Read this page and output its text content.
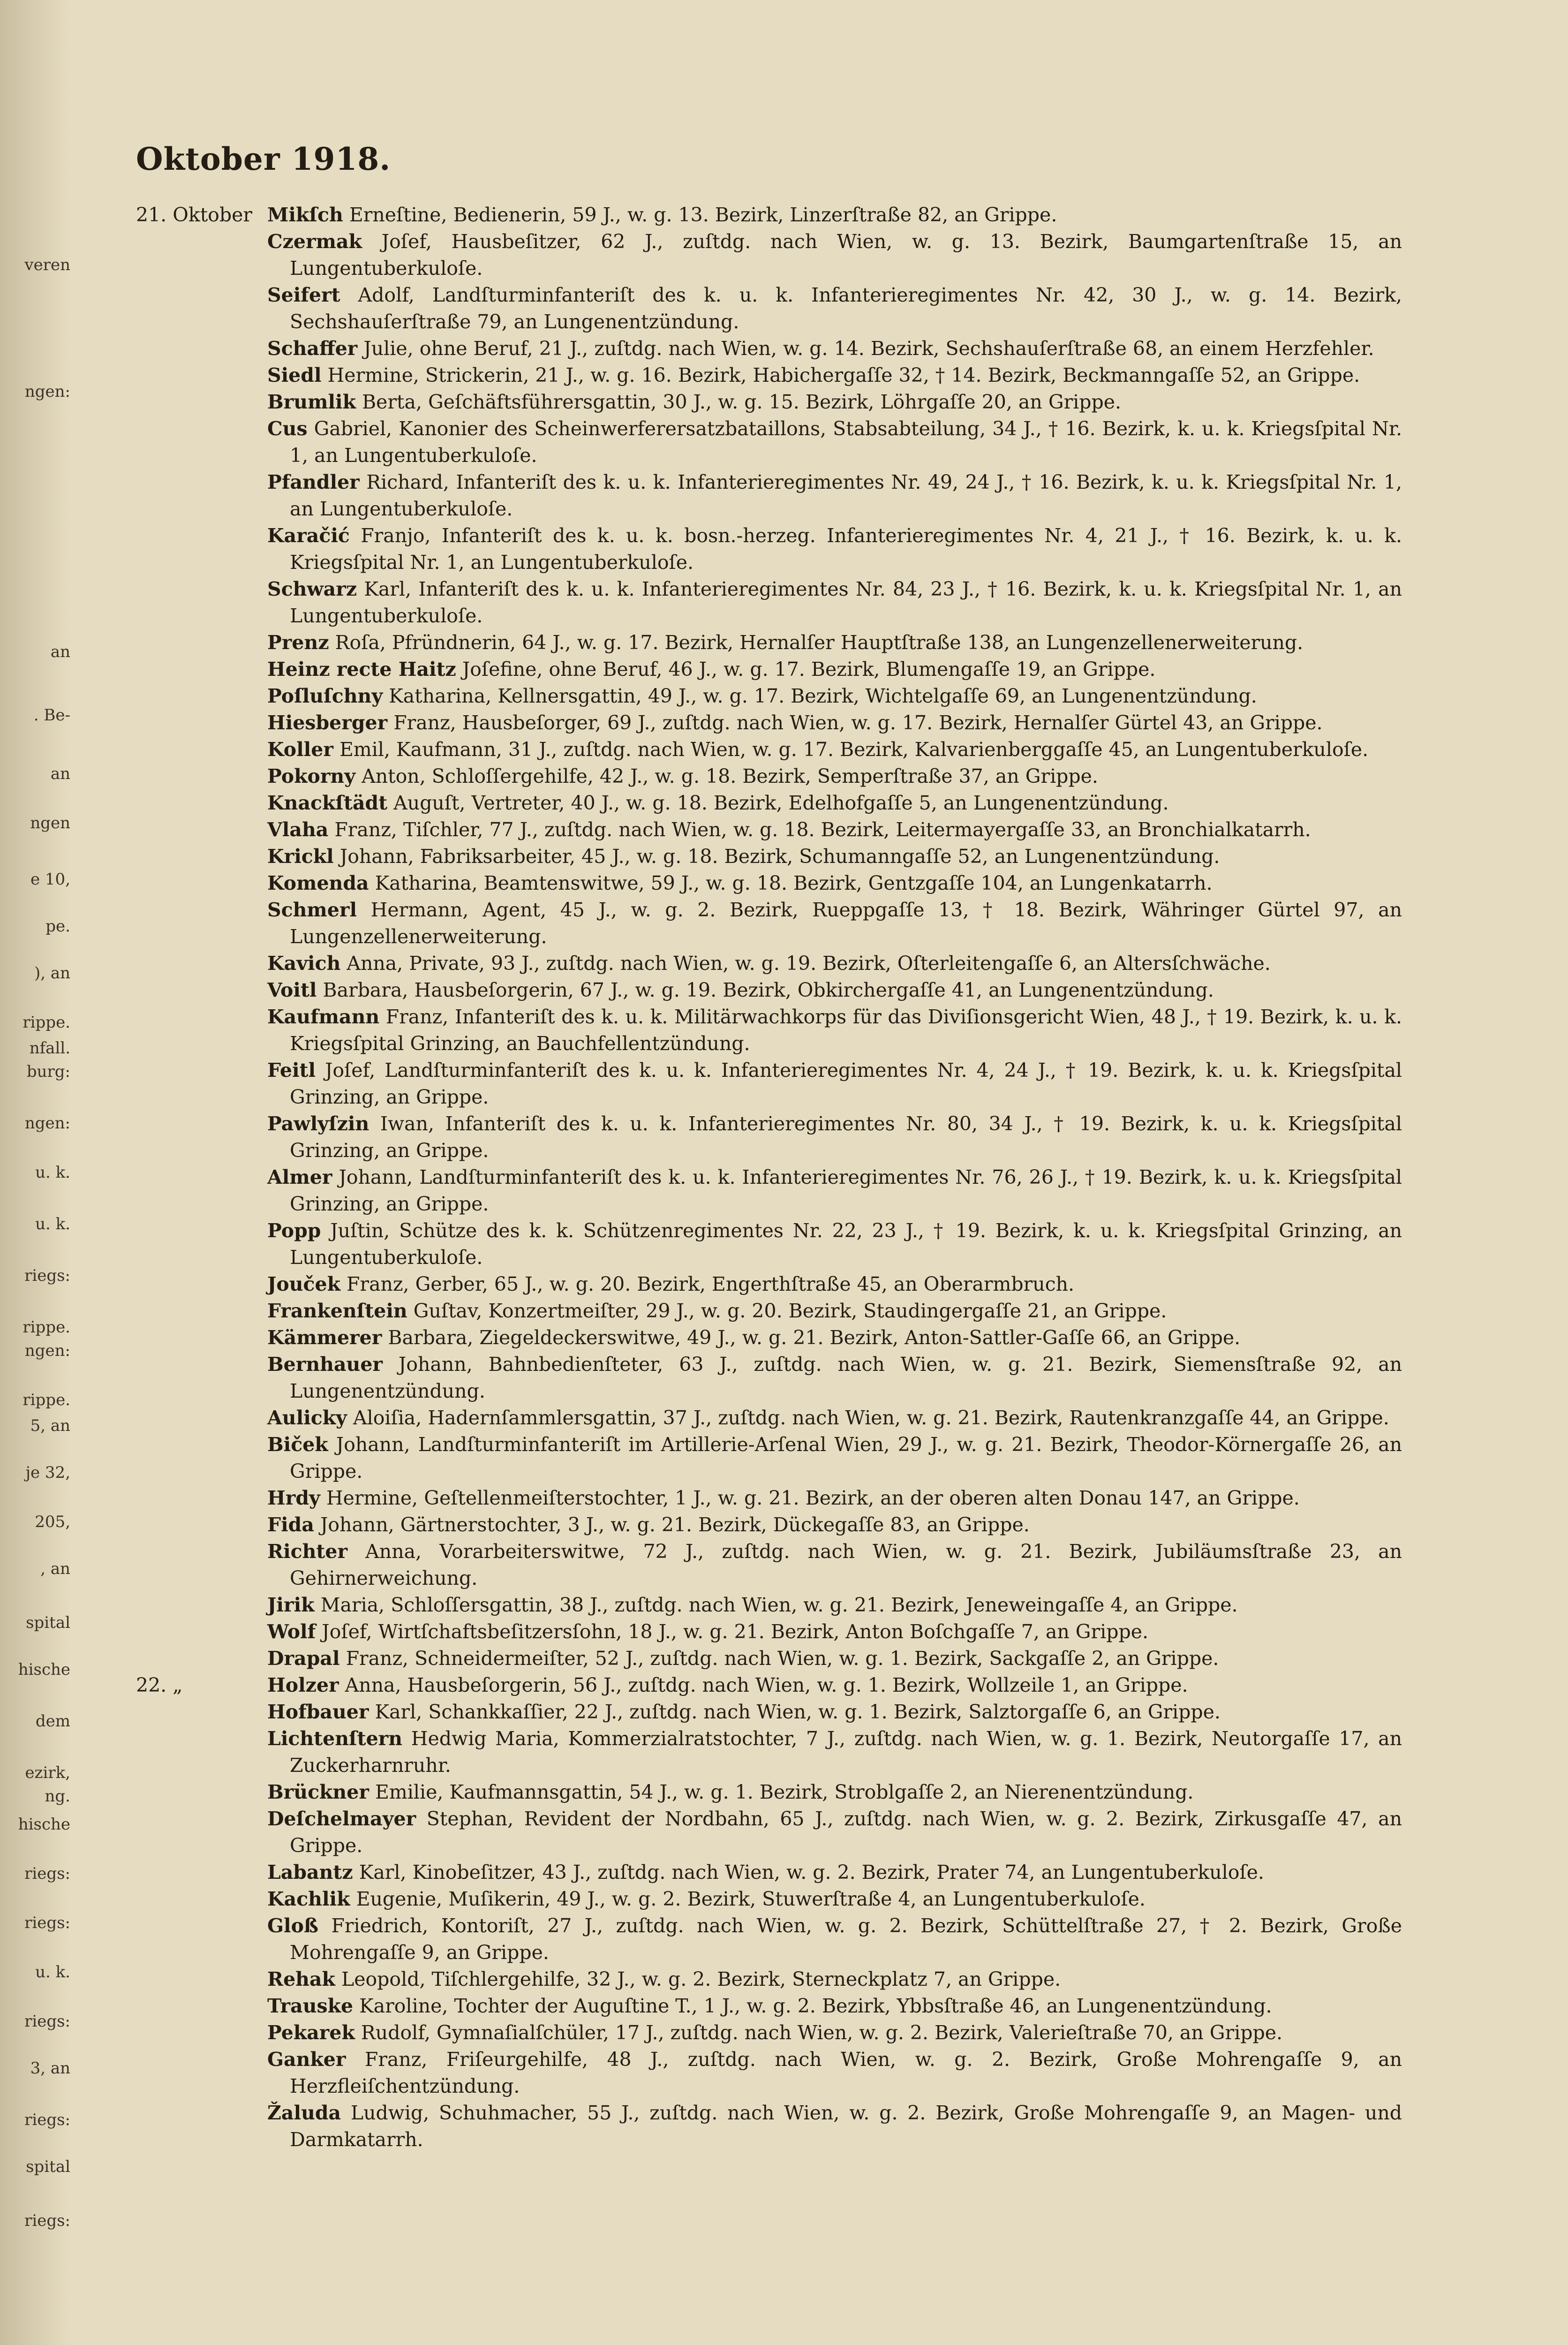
veren
ngen:
an
. Be-
an
ngen
e 10,
pe.
), an
rippe.
nfall.
burg:
ngen:
u. k.
u. k.
riegs:
rippe.
ngen:
rippe.
5, an
je 32,
205,
, an
spital
hische
dem
ezirk,
ng.
hische
riegs:
riegs:
u. k.
riegs:
3, an
riegs:
spital
riegs:
Oktober 1918.

21. Oktober Mikſch Erneſtine, Bedienerin, 59 J., w. g. 13. Bezirk, Linzerſtraße 82, an Grippe.

Czermak Joſef, Hausbeſitzer, 62 J., zuſtdg. nach Wien, w. g. 13. Bezirk, Baumgartenſtraße 15, an Lungentuberkuloſe.

Seifert Adolf, Landſturminfanteriſt des k. u. k. Infanterieregimentes Nr. 42, 30 J., w. g. 14. Bezirk, Sechshauſerſtraße 79, an Lungenentzündung.

Schaffer Julie, ohne Beruf, 21 J., zuſtdg. nach Wien, w. g. 14. Bezirk, Sechshauſerſtraße 68, an einem Herzfehler.

Siedl Hermine, Strickerin, 21 J., w. g. 16. Bezirk, Habichergaſſe 32, † 14. Bezirk, Beckmanngaſſe 52, an Grippe.

Brumlik Berta, Geſchäftsführersgattin, 30 J., w. g. 15. Bezirk, Löhrgaſſe 20, an Grippe.

Cus Gabriel, Kanonier des Scheinwerferersatzbataillons, Stabsabteilung, 34 J., † 16. Bezirk, k. u. k. Kriegsſpital Nr. 1, an Lungentuberkuloſe.

Pfandler Richard, Infanteriſt des k. u. k. Infanterieregimentes Nr. 49, 24 J., † 16. Bezirk, k. u. k. Kriegsſpital Nr. 1, an Lungentuberkuloſe.

Karačić Franjo, Infanteriſt des k. u. k. bosn.-herzeg. Infanterieregimentes Nr. 4, 21 J., † 16. Bezirk, k. u. k. Kriegsſpital Nr. 1, an Lungentuberkuloſe.

Schwarz Karl, Infanteriſt des k. u. k. Infanterieregimentes Nr. 84, 23 J., † 16. Bezirk, k. u. k. Kriegsſpital Nr. 1, an Lungentuberkuloſe.

Prenz Roſa, Pfründnerin, 64 J., w. g. 17. Bezirk, Hernalſer Hauptſtraße 138, an Lungenzellenerweiterung.

Heinz recte Haitz Joſefine, ohne Beruf, 46 J., w. g. 17. Bezirk, Blumengaſſe 19, an Grippe.

Poſluſchny Katharina, Kellnersgattin, 49 J., w. g. 17. Bezirk, Wichtelgaſſe 69, an Lungenentzündung.

Hiesberger Franz, Hausbeſorger, 69 J., zuſtdg. nach Wien, w. g. 17. Bezirk, Hernalſer Gürtel 43, an Grippe.

Koller Emil, Kaufmann, 31 J., zuſtdg. nach Wien, w. g. 17. Bezirk, Kalvarienberggaſſe 45, an Lungentuberkuloſe.

Pokorny Anton, Schloſſergehilfe, 42 J., w. g. 18. Bezirk, Semperſtraße 37, an Grippe.

Knackſtädt Auguſt, Vertreter, 40 J., w. g. 18. Bezirk, Edelhofgaſſe 5, an Lungenentzündung.

Vlaha Franz, Tiſchler, 77 J., zuſtdg. nach Wien, w. g. 18. Bezirk, Leitermayergaſſe 33, an Bronchialkatarrh.

Krickl Johann, Fabriksarbeiter, 45 J., w. g. 18. Bezirk, Schumanngaſſe 52, an Lungenentzündung.

Komenda Katharina, Beamtenswitwe, 59 J., w. g. 18. Bezirk, Gentzgaſſe 104, an Lungenkatarrh.

Schmerl Hermann, Agent, 45 J., w. g. 2. Bezirk, Rueppgaſſe 13, † 18. Bezirk, Währinger Gürtel 97, an Lungenzellenerweiterung.

Kavich Anna, Private, 93 J., zuſtdg. nach Wien, w. g. 19. Bezirk, Oſterleitengaſſe 6, an Altersſchwäche.

Voitl Barbara, Hausbeſorgerin, 67 J., w. g. 19. Bezirk, Obkirchergaſſe 41, an Lungenentzündung.

Kaufmann Franz, Infanteriſt des k. u. k. Militärwachkorps für das Diviſionsgericht Wien, 48 J., † 19. Bezirk, k. u. k. Kriegsſpital Grinzing, an Bauchfellentzündung.

Feitl Joſef, Landſturminfanteriſt des k. u. k. Infanterieregimentes Nr. 4, 24 J., † 19. Bezirk, k. u. k. Kriegsſpital Grinzing, an Grippe.

Pawlyſzin Iwan, Infanteriſt des k. u. k. Infanterieregimentes Nr. 80, 34 J., † 19. Bezirk, k. u. k. Kriegsſpital Grinzing, an Grippe.

Almer Johann, Landſturminfanteriſt des k. u. k. Infanterieregimentes Nr. 76, 26 J., † 19. Bezirk, k. u. k. Kriegsſpital Grinzing, an Grippe.

Popp Juſtin, Schütze des k. k. Schützenregimentes Nr. 22, 23 J., † 19. Bezirk, k. u. k. Kriegsſpital Grinzing, an Lungentuberkuloſe.

Jouček Franz, Gerber, 65 J., w. g. 20. Bezirk, Engerthſtraße 45, an Oberarmbruch.

Frankenſtein Guſtav, Konzertmeiſter, 29 J., w. g. 20. Bezirk, Staudingergaſſe 21, an Grippe.

Kämmerer Barbara, Ziegeldeckerswitwe, 49 J., w. g. 21. Bezirk, Anton-Sattler-Gaſſe 66, an Grippe.

Bernhauer Johann, Bahnbedienſteter, 63 J., zuſtdg. nach Wien, w. g. 21. Bezirk, Siemensſtraße 92, an Lungenentzündung.

Aulicky Aloiſia, Hadernſammlersgattin, 37 J., zuſtdg. nach Wien, w. g. 21. Bezirk, Rautenkranzgaſſe 44, an Grippe.

Biček Johann, Landſturminfanteriſt im Artillerie-Arſenal Wien, 29 J., w. g. 21. Bezirk, Theodor-Körnergaſſe 26, an Grippe.

Hrdy Hermine, Geſtellenmeiſterstochter, 1 J., w. g. 21. Bezirk, an der oberen alten Donau 147, an Grippe.

Fida Johann, Gärtnerstochter, 3 J., w. g. 21. Bezirk, Dückegaſſe 83, an Grippe.

Richter Anna, Vorarbeiterswitwe, 72 J., zuſtdg. nach Wien, w. g. 21. Bezirk, Jubiläumsſtraße 23, an Gehirnerweichung.

Jirik Maria, Schloſſersgattin, 38 J., zuſtdg. nach Wien, w. g. 21. Bezirk, Jeneweingaſſe 4, an Grippe.

Wolf Joſef, Wirtſchaftsbeſitzersſohn, 18 J., w. g. 21. Bezirk, Anton Boſchgaſſe 7, an Grippe.

Drapal Franz, Schneidermeiſter, 52 J., zuſtdg. nach Wien, w. g. 1. Bezirk, Sackgaſſe 2, an Grippe.

22. „	Holzer Anna, Hausbeſorgerin, 56 J., zuſtdg. nach Wien, w. g. 1. Bezirk, Wollzeile 1, an Grippe.

Hofbauer Karl, Schankkaſſier, 22 J., zuſtdg. nach Wien, w. g. 1. Bezirk, Salztorgaſſe 6, an Grippe.

Lichtenſtern Hedwig Maria, Kommerzialratstochter, 7 J., zuſtdg. nach Wien, w. g. 1. Bezirk, Neutorgaſſe 17, an Zuckerharnruhr.

Brückner Emilie, Kaufmannsgattin, 54 J., w. g. 1. Bezirk, Stroblgaſſe 2, an Nierenentzündung.

Deſchelmayer Stephan, Revident der Nordbahn, 65 J., zuſtdg. nach Wien, w. g. 2. Bezirk, Zirkusgaſſe 47, an Grippe.

Labantz Karl, Kinobeſitzer, 43 J., zuſtdg. nach Wien, w. g. 2. Bezirk, Prater 74, an Lungentuberkuloſe.

Kachlik Eugenie, Muſikerin, 49 J., w. g. 2. Bezirk, Stuwerſtraße 4, an Lungentuberkuloſe.

Gloß Friedrich, Kontoriſt, 27 J., zuſtdg. nach Wien, w. g. 2. Bezirk, Schüttelſtraße 27, † 2. Bezirk, Große Mohrengaſſe 9, an Grippe.

Rehak Leopold, Tiſchlergehilfe, 32 J., w. g. 2. Bezirk, Sterneckplatz 7, an Grippe.

Trauske Karoline, Tochter der Auguſtine T., 1 J., w. g. 2. Bezirk, Ybbsſtraße 46, an Lungenentzündung.

Pekarek Rudolf, Gymnaſialſchüler, 17 J., zuſtdg. nach Wien, w. g. 2. Bezirk, Valerieſtraße 70, an Grippe.

Ganker Franz, Friſeurgehilfe, 48 J., zuſtdg. nach Wien, w. g. 2. Bezirk, Große Mohrengaſſe 9, an Herzfleiſchentzündung.

Žaluda Ludwig, Schuhmacher, 55 J., zuſtdg. nach Wien, w. g. 2. Bezirk, Große Mohrengaſſe 9, an Magen- und Darmkatarrh.
